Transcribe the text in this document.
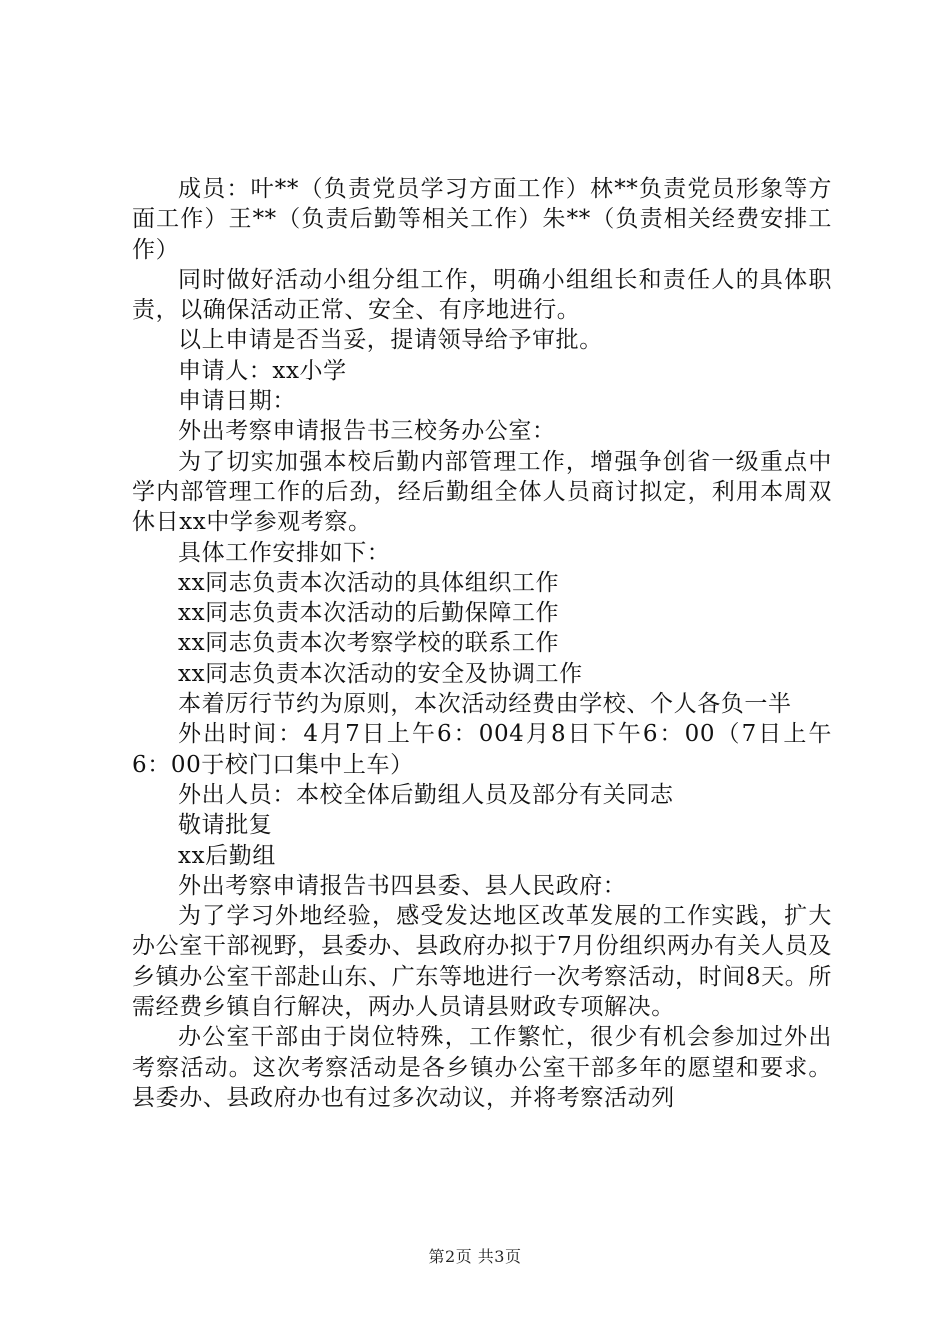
成员：叶**（负责党员学习方面工作）林**负责党员形象等方面工作）王**（负责后勤等相关工作）朱**（负责相关经费安排工作）

同时做好活动小组分组工作，明确小组组长和责任人的具体职责，以确保活动正常、安全、有序地进行。

以上申请是否当妥，提请领导给予审批。

申请人：xx小学

申请日期：

外出考察申请报告书三校务办公室：

为了切实加强本校后勤内部管理工作，增强争创省一级重点中学内部管理工作的后劲，经后勤组全体人员商讨拟定，利用本周双休日xx中学参观考察。

具体工作安排如下：

xx同志负责本次活动的具体组织工作

xx同志负责本次活动的后勤保障工作

xx同志负责本次考察学校的联系工作

xx同志负责本次活动的安全及协调工作

本着厉行节约为原则，本次活动经费由学校、个人各负一半

外出时间：4月7日上午6：004月8日下午6：00（7日上午6：00于校门口集中上车）

外出人员：本校全体后勤组人员及部分有关同志

敬请批复

xx后勤组

外出考察申请报告书四县委、县人民政府：

为了学习外地经验，感受发达地区改革发展的工作实践，扩大办公室干部视野，县委办、县政府办拟于7月份组织两办有关人员及乡镇办公室干部赴山东、广东等地进行一次考察活动，时间8天。所需经费乡镇自行解决，两办人员请县财政专项解决。

办公室干部由于岗位特殊，工作繁忙，很少有机会参加过外出考察活动。这次考察活动是各乡镇办公室干部多年的愿望和要求。县委办、县政府办也有过多次动议，并将考察活动列

第2页 共3页
